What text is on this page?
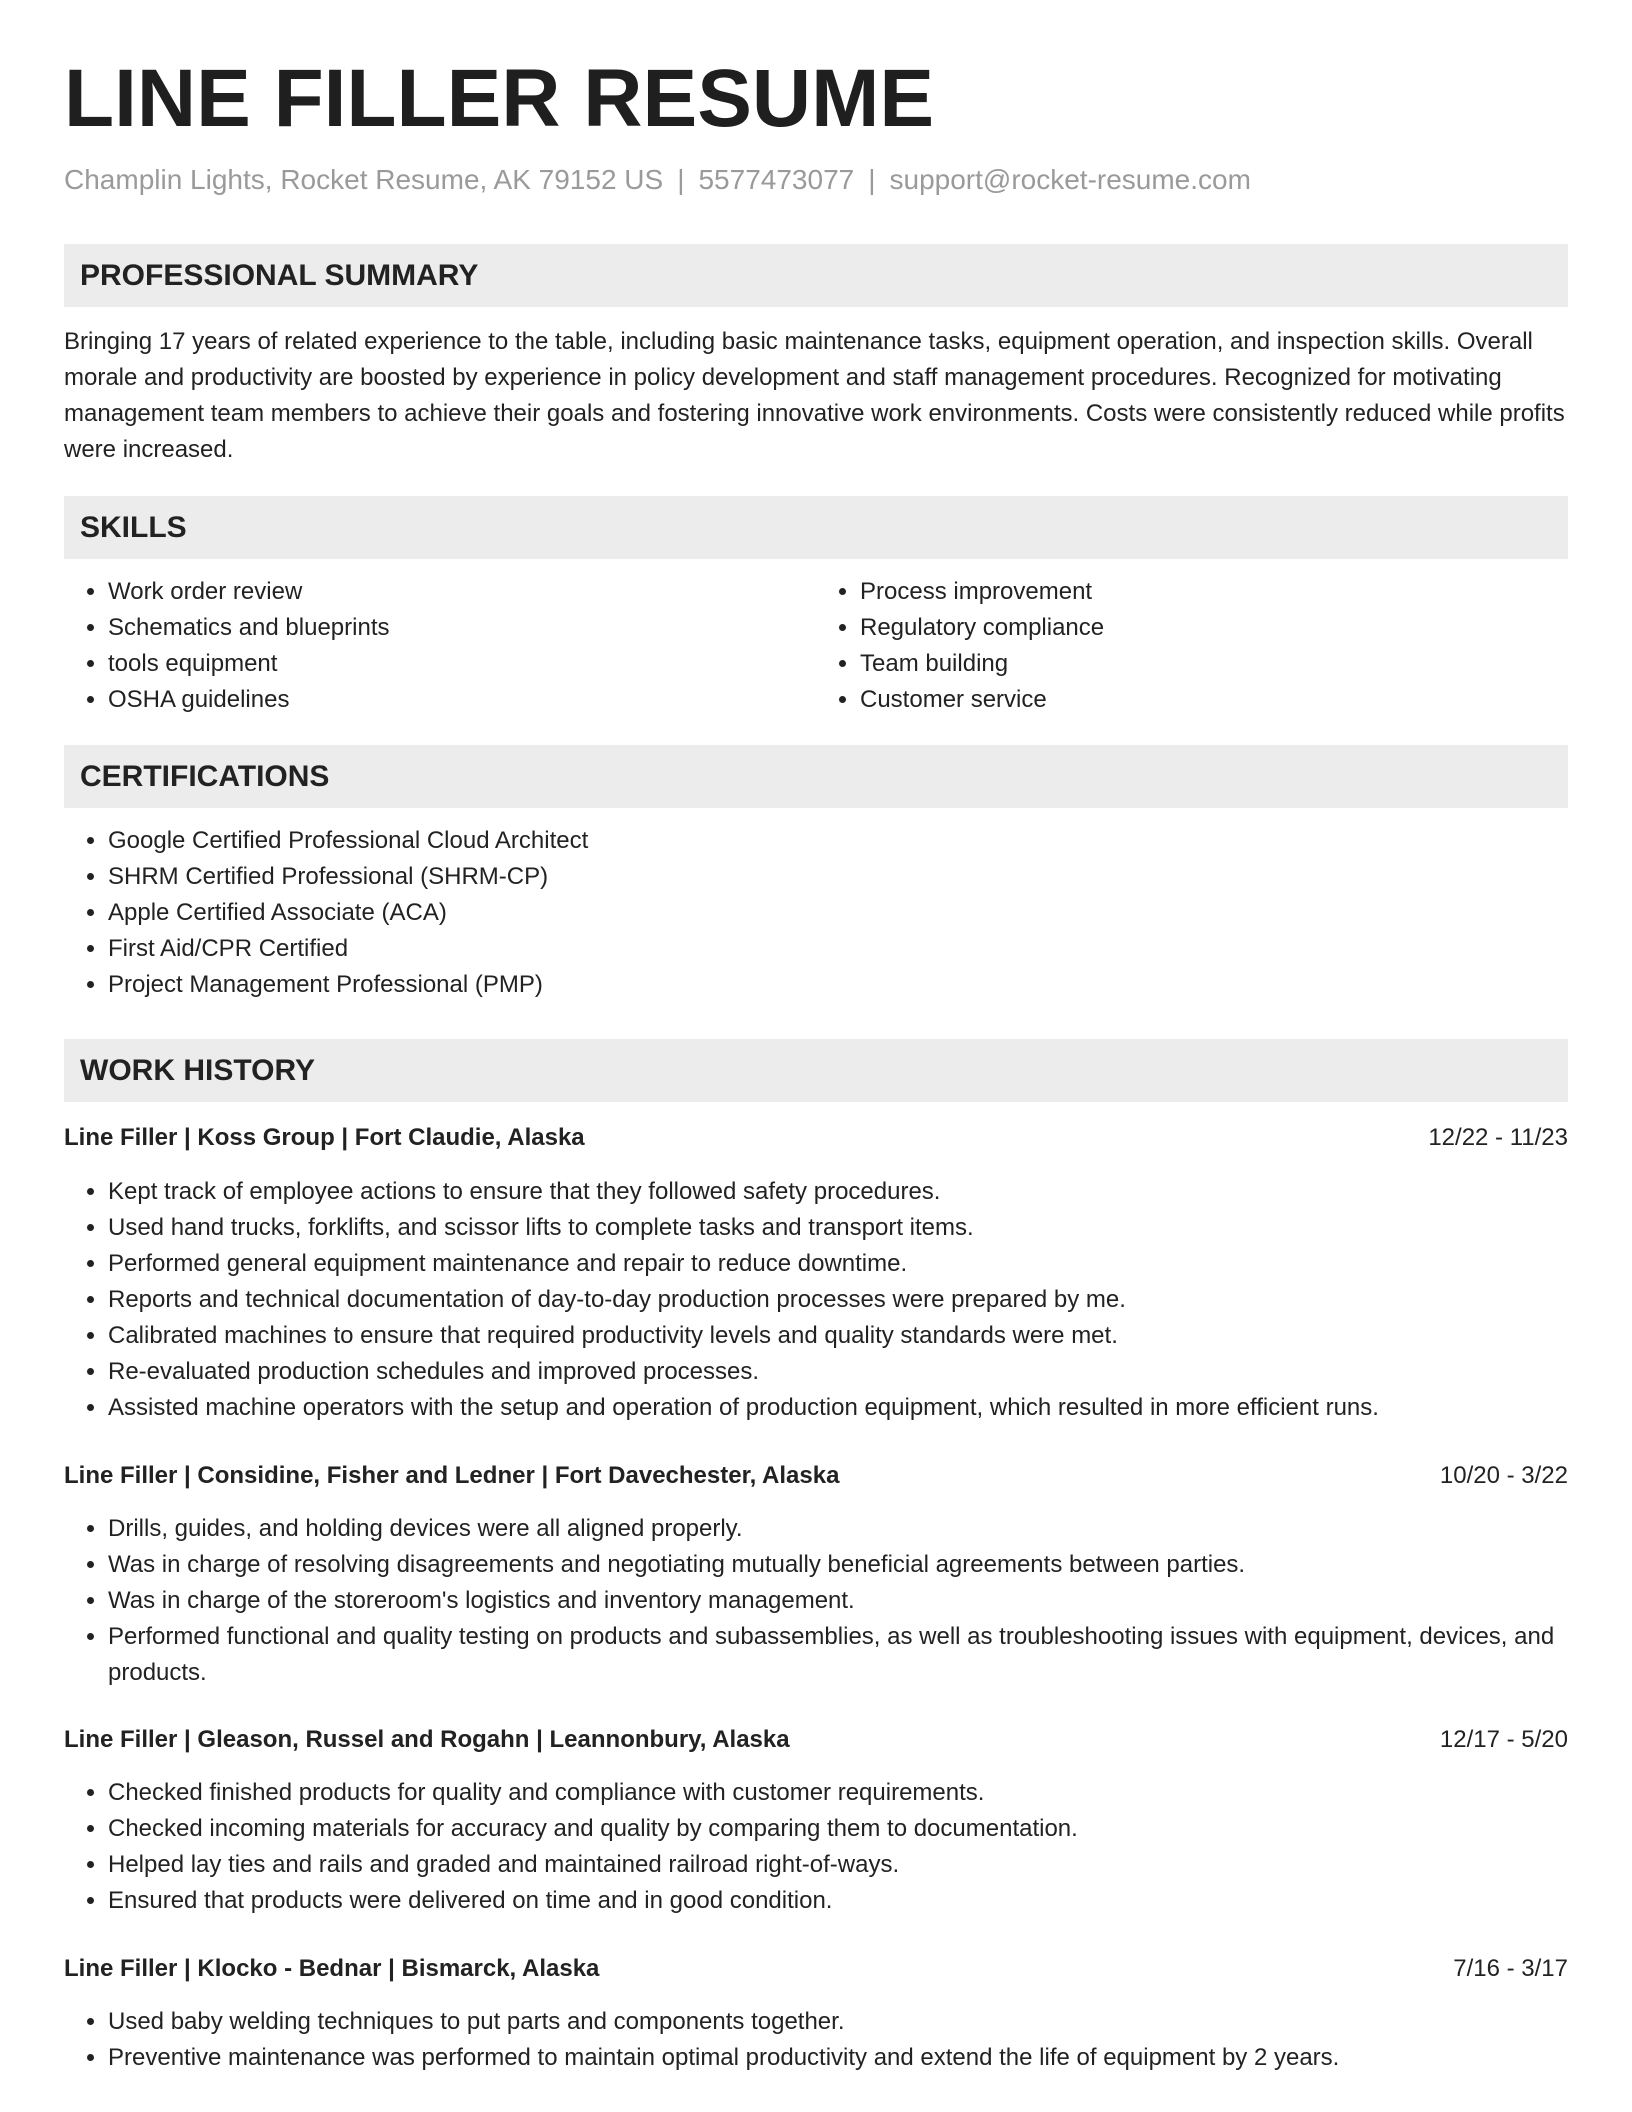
LINE FILLER RESUME
Champlin Lights, Rocket Resume, AK 79152 US | 5577473077 | support@rocket-resume.com
PROFESSIONAL SUMMARY

Bringing 17 years of related experience to the table, including basic maintenance tasks, equipment operation, and inspection skills. Overall morale and productivity are boosted by experience in policy development and staff management procedures. Recognized for motivating management team members to achieve their goals and fostering innovative work environments. Costs were consistently reduced while profits were increased.

SKILLS
• Work order review
• Schematics and blueprints
• tools equipment
• OSHA guidelines
• Process improvement
• Regulatory compliance
• Team building
• Customer service
CERTIFICATIONS
• Google Certified Professional Cloud Architect
• SHRM Certified Professional (SHRM-CP)
• Apple Certified Associate (ACA)
• First Aid/CPR Certified
• Project Management Professional (PMP)
WORK HISTORY
Line Filler | Koss Group | Fort Claudie, Alaska	12/22 - 11/23
• Kept track of employee actions to ensure that they followed safety procedures.
• Used hand trucks, forklifts, and scissor lifts to complete tasks and transport items.
• Performed general equipment maintenance and repair to reduce downtime.
• Reports and technical documentation of day-to-day production processes were prepared by me.
• Calibrated machines to ensure that required productivity levels and quality standards were met.
• Re-evaluated production schedules and improved processes.
• Assisted machine operators with the setup and operation of production equipment, which resulted in more efficient runs.
Line Filler | Considine, Fisher and Ledner | Fort Davechester, Alaska	10/20 - 3/22
• Drills, guides, and holding devices were all aligned properly.
• Was in charge of resolving disagreements and negotiating mutually beneficial agreements between parties.
• Was in charge of the storeroom's logistics and inventory management.
• Performed functional and quality testing on products and subassemblies, as well as troubleshooting issues with equipment, devices, and products.
Line Filler | Gleason, Russel and Rogahn | Leannonbury, Alaska	12/17 - 5/20
• Checked finished products for quality and compliance with customer requirements.
• Checked incoming materials for accuracy and quality by comparing them to documentation.
• Helped lay ties and rails and graded and maintained railroad right-of-ways.
• Ensured that products were delivered on time and in good condition.
Line Filler | Klocko - Bednar | Bismarck, Alaska	7/16 - 3/17
• Used baby welding techniques to put parts and components together.
• Preventive maintenance was performed to maintain optimal productivity and extend the life of equipment by 2 years.
